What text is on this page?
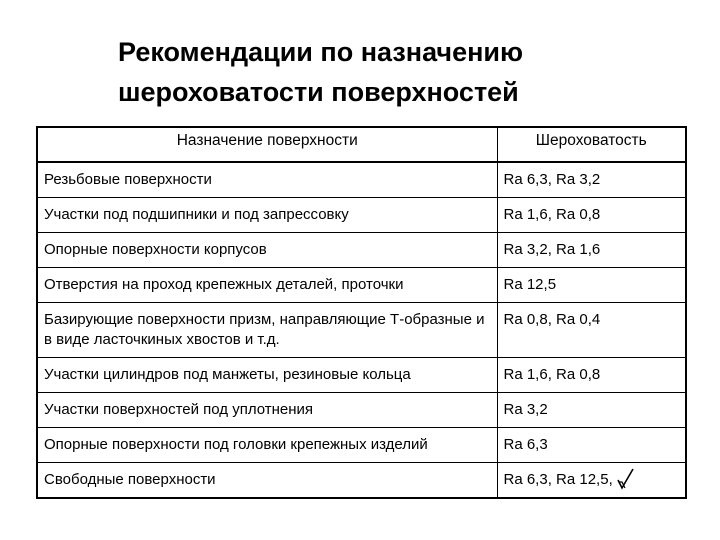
Рекомендации по назначению
шероховатости поверхностей
Назначение поверхности	Шероховатость
Резьбовые поверхности	Ra 6,3, Ra 3,2
Участки под подшипники и под запрессовку	Ra 1,6, Ra 0,8
Опорные поверхности корпусов	Ra 3,2, Ra 1,6
Отверстия на проход крепежных деталей, проточки	Ra 12,5
Базирующие поверхности призм, направляющие Т-образные и в виде ласточкиных хвостов и т.д.	Ra 0,8, Ra 0,4
Участки цилиндров под манжеты, резиновые кольца	Ra 1,6, Ra 0,8
Участки поверхностей под уплотнения	Ra 3,2
Опорные поверхности под головки крепежных изделий	Ra 6,3
Свободные поверхности	Ra 6,3, Ra 12,5,
